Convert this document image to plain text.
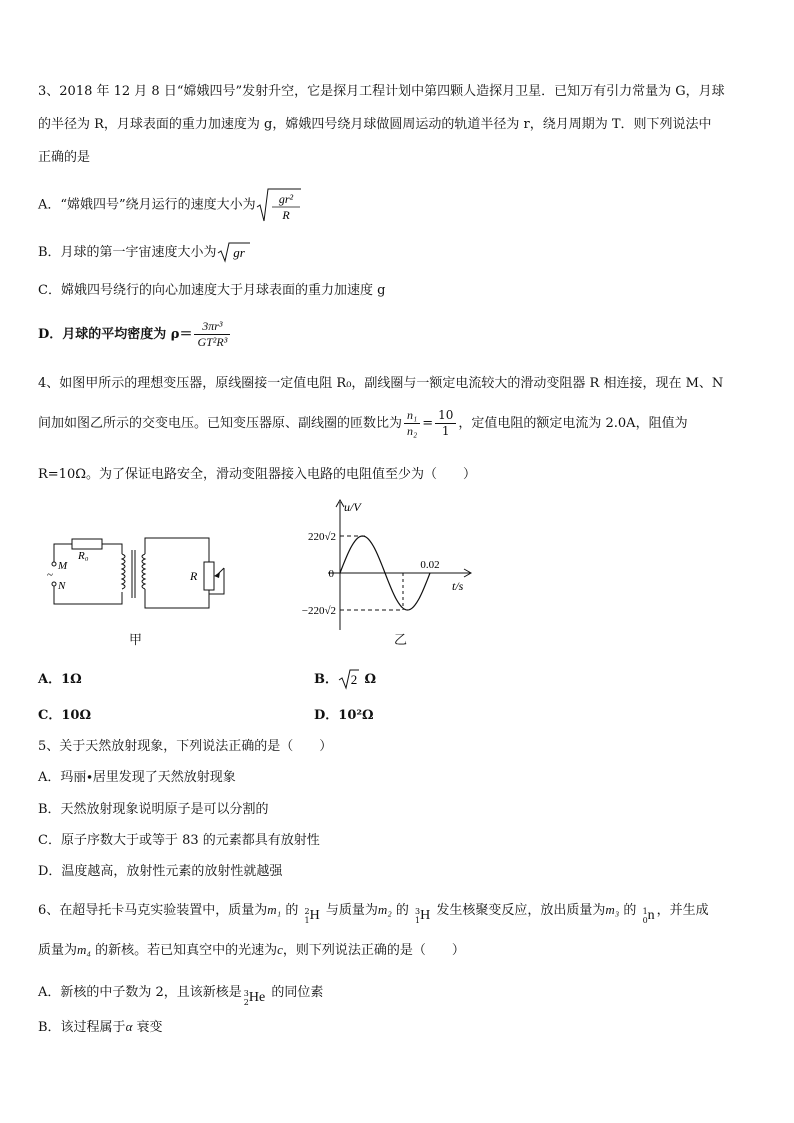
3、2018 年 12 月 8 日“嫦娥四号”发射升空，它是探月工程计划中第四颗人造探月卫星．已知万有引力常量为 G，月球
的半径为 R，月球表面的重力加速度为 g，嫦娥四号绕月球做圆周运动的轨道半径为 r，绕月周期为 T．则下列说法中
正确的是
A．“嫦娥四号”绕月运行的速度大小为 gr²
R
B．月球的第一宇宙速度大小为 gr
C．嫦娥四号绕行的向心加速度大于月球表面的重力加速度 g
D．月球的平均密度为 $\rho= \frac{\text{3πr³}}{\text{GT²R³}}$
4、如图甲所示的理想变压器，原线圈接一定值电阻 R₀，副线圈与一额定电流较大的滑动变阻器 R 相连接，现在 M、N
间加如图乙所示的交变电压。已知变压器原、副线圈的匝数比为 $\frac{\text{n₁}}{\text{n₂}} = \frac{10}{1}$ ，定值电阻的额定电流为 2.0A，阻值为
R=10Ω。为了保证电路安全，滑动变阻器接入电路的电阻值至少为（　　）
R₀
R
M
N
~
甲
u/V
t/s
220√2
−220√2
0
0.02
乙
A．1Ω	B． 2 Ω
C．10Ω	D．10²Ω
5、关于天然放射现象，下列说法正确的是（　　）
A．玛丽∙居里发现了天然放射现象
B．天然放射现象说明原子是可以分割的
C．原子序数大于或等于 83 的元素都具有放射性
D．温度越高，放射性元素的放射性就越强
6、在超导托卡马克实验装置中，质量为m₁ 的 2
1 H 与质量为m₂ 的 3
1 H 发生核聚变反应，放出质量为m₃ 的 1
0 n ，并生成
质量为m₄ 的新核。若已知真空中的光速为c，则下列说法正确的是（　　）
A．新核的中子数为 2，且该新核是 3
2 He 的同位素
B．该过程属于α 衰变
